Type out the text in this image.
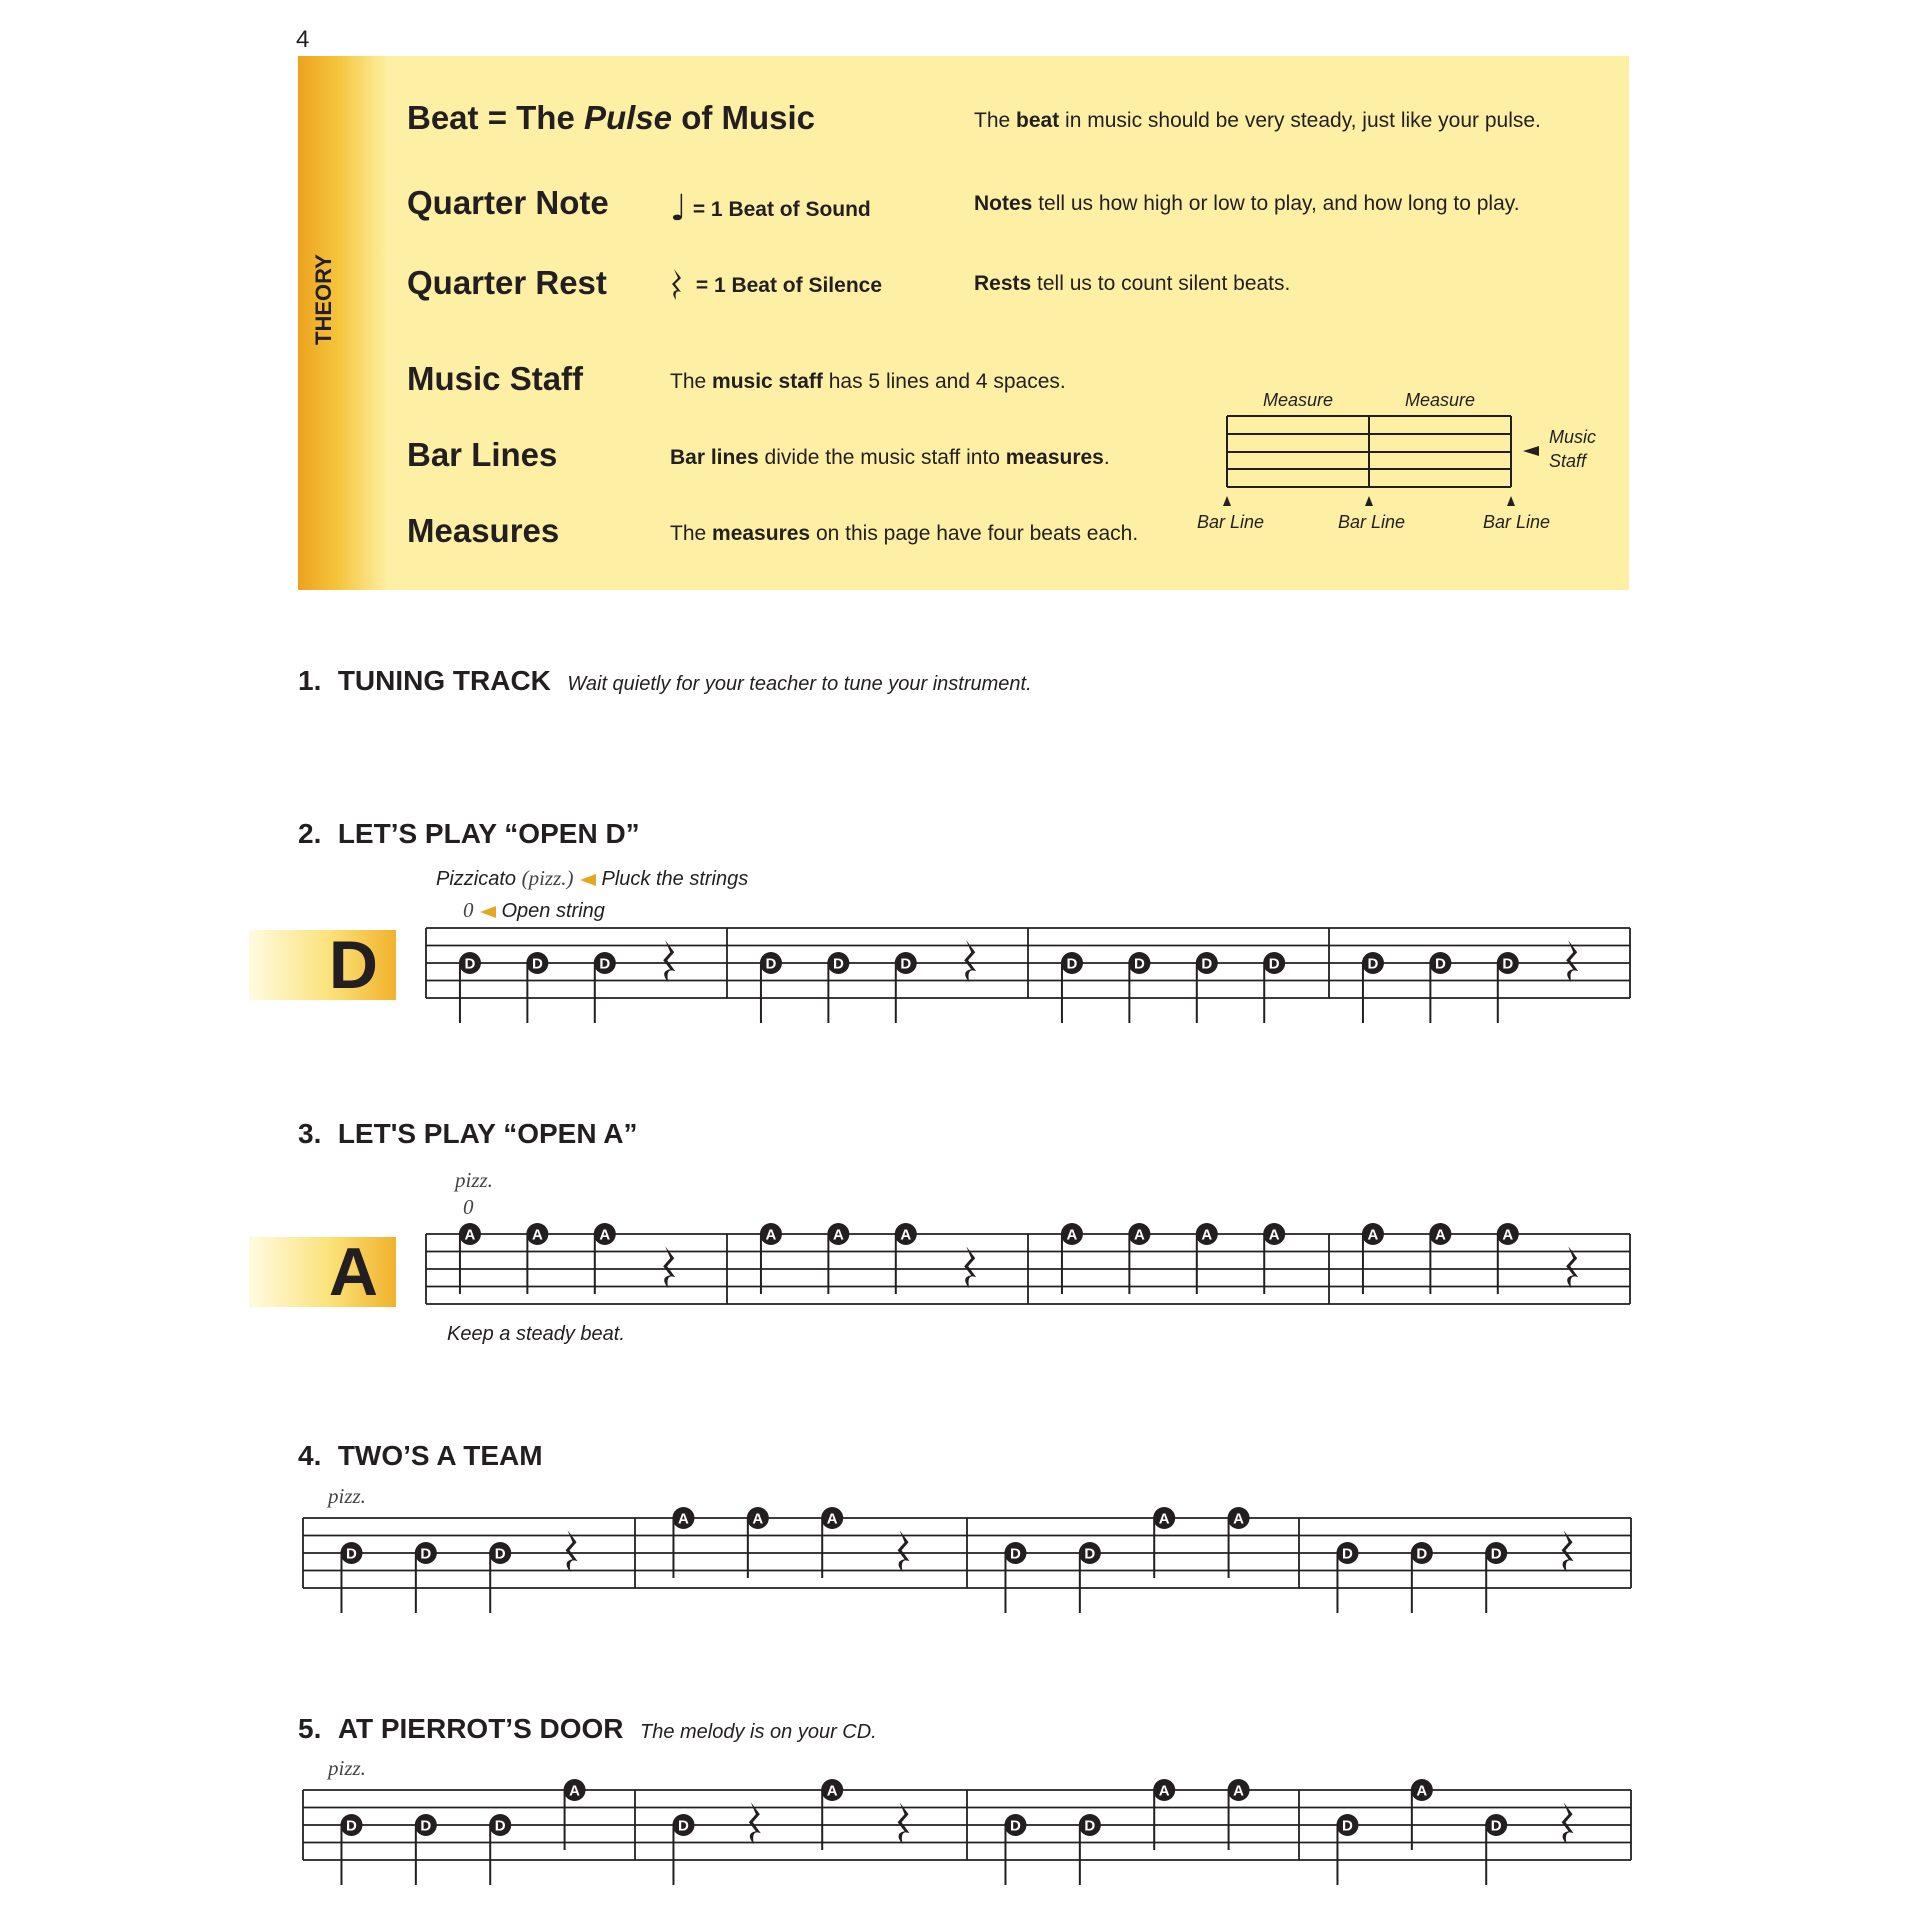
4
THEORY
Beat = The Pulse of Music	The beat in music should be very steady, just like your pulse.
Quarter Note ♩ = 1 Beat of Sound	Notes tell us how high or low to play, and how long to play.
Quarter Rest	= 1 Beat of Silence	Rests tell us to count silent beats.
Music Staff	The music staff has 5 lines and 4 spaces.
Bar Lines	Bar lines divide the music staff into measures.
Measures	The measures on this page have four beats each.
Measure	Measure
Music
Staff
Bar Line	Bar Line	Bar Line
1. TUNING TRACK Wait quietly for your teacher to tune your instrument.
2. LET’S PLAY “OPEN D”
Pizzicato (pizz.) Pluck the strings
0 Open string
D	D	D	D	D	D	D	D	D	D	D	D	D	D
3. LET'S PLAY “OPEN A”
pizz.
0
A	A	A	A	A	A	A	A	A	A	A	A	A	A
Keep a steady beat.
4. TWO’S A TEAM
pizz.
D	D	D
A	A	A
D	D
A	A
D	D	D
5. AT PIERROT’S DOOR The melody is on your CD.
pizz.
D	D	D
A
D
A
D	D
A	A
D
A
D
